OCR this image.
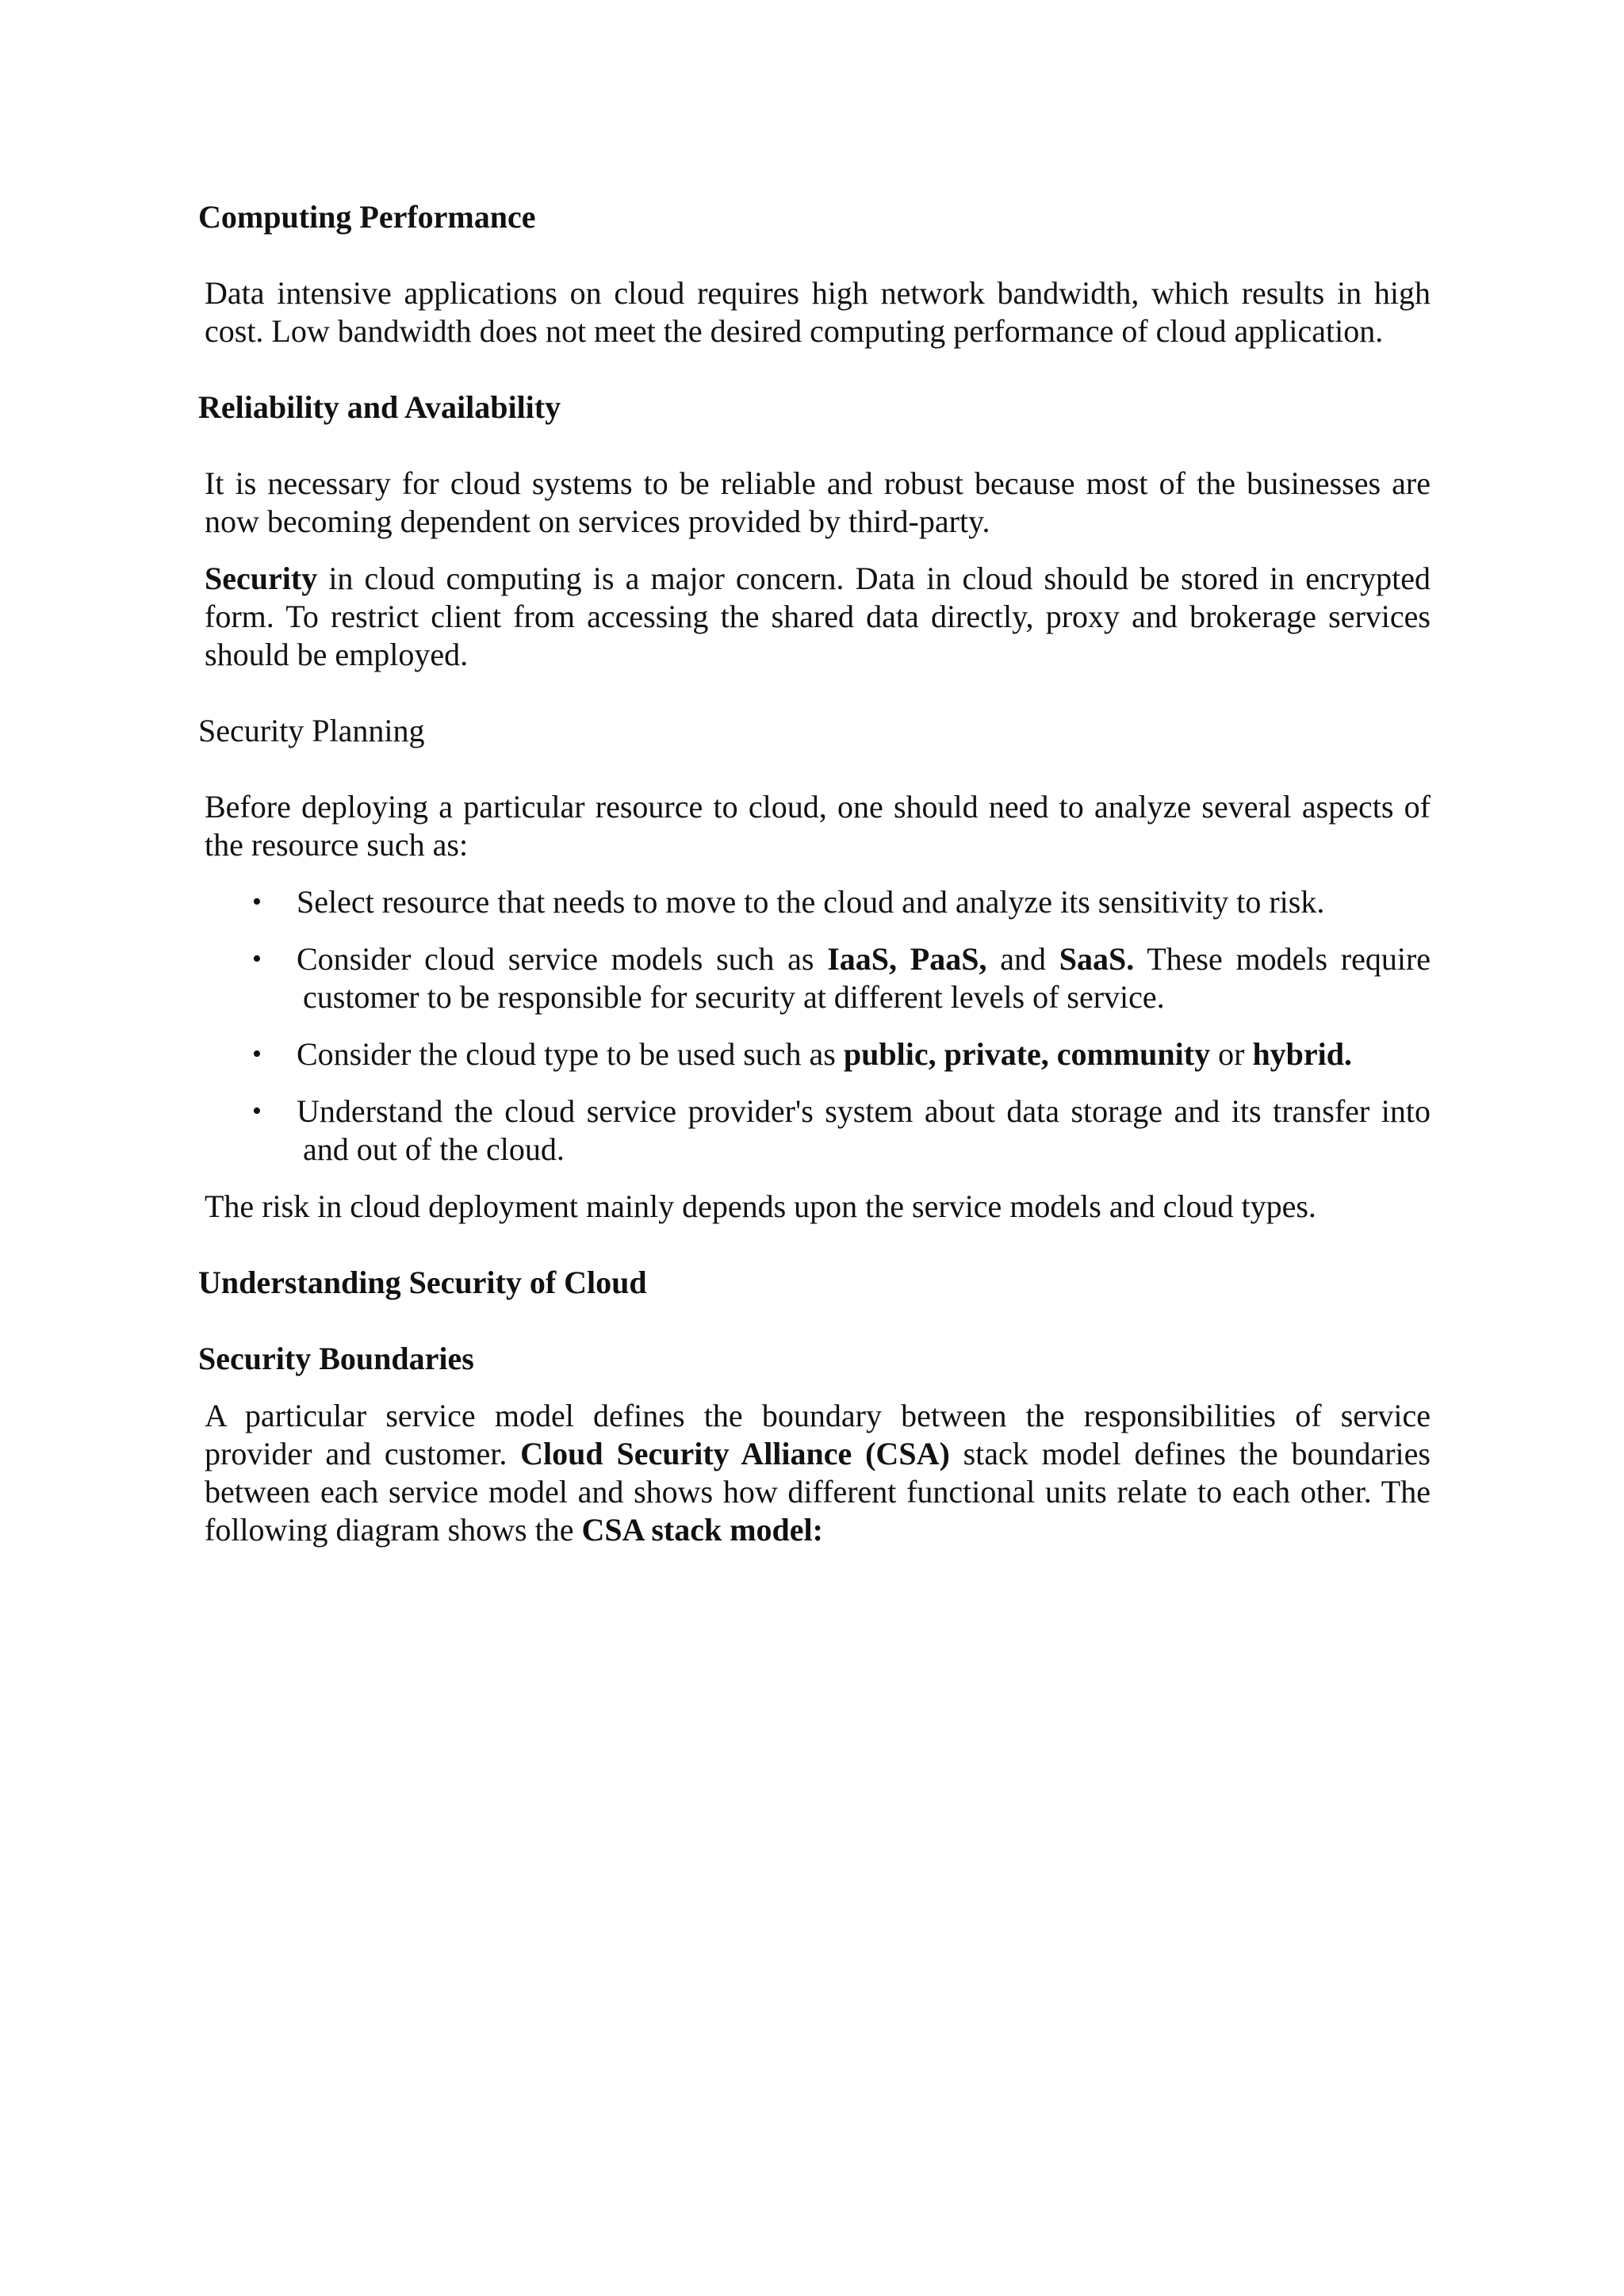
Computing Performance

Data intensive applications on cloud requires high network bandwidth, which results in high
cost. Low bandwidth does not meet the desired computing performance of cloud application.

Reliability and Availability

It is necessary for cloud systems to be reliable and robust because most of the businesses are
now becoming dependent on services provided by third-party.

Security in cloud computing is a major concern. Data in cloud should be stored in encrypted
form. To restrict client from accessing the shared data directly, proxy and brokerage services
should be employed.

Security Planning

Before deploying a particular resource to cloud, one should need to analyze several aspects of
the resource such as:

•	Select resource that needs to move to the cloud and analyze its sensitivity to risk.
•	Consider cloud service models such as IaaS, PaaS, and SaaS. These models require
customer to be responsible for security at different levels of service.
•	Consider the cloud type to be used such as public, private, community or hybrid.
•	Understand the cloud service provider's system about data storage and its transfer into
and out of the cloud.

The risk in cloud deployment mainly depends upon the service models and cloud types.

Understanding Security of Cloud
Security Boundaries

A particular service model defines the boundary between the responsibilities of service
provider and customer. Cloud Security Alliance (CSA) stack model defines the boundaries
between each service model and shows how different functional units relate to each other. The
following diagram shows the CSA stack model:
